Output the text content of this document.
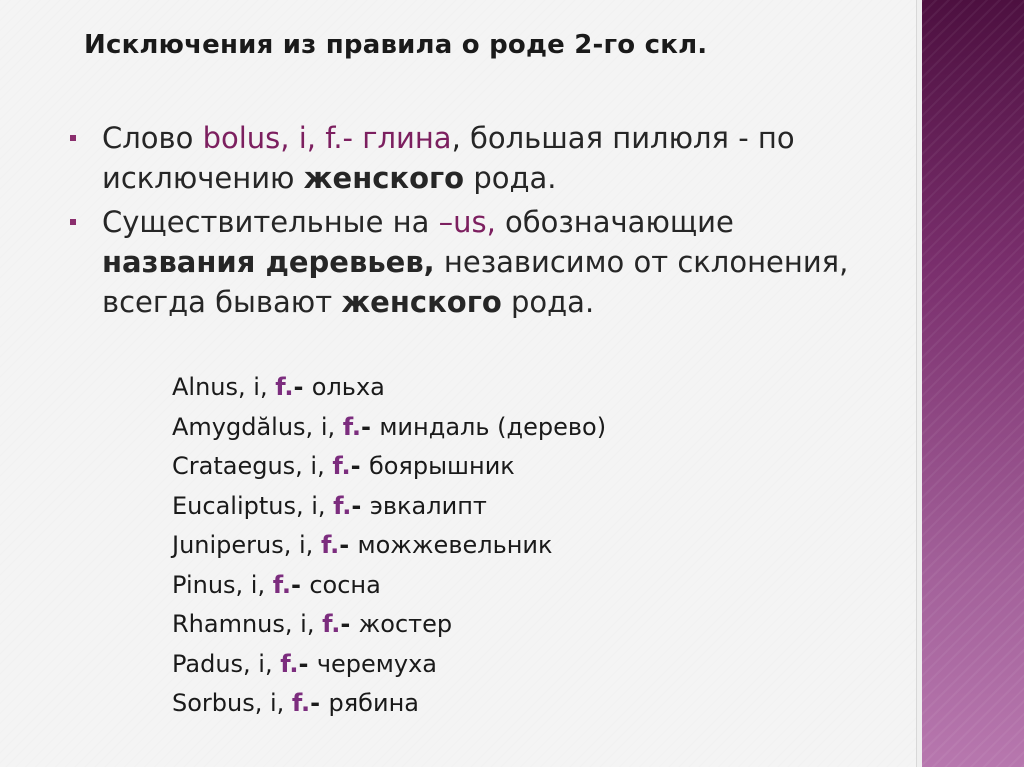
Исключения из правила о роде 2-го скл.
Слово bolus, i, f.- глина, большая пилюля - по исключению женского рода.
Существительные на –us, обозначающие названия деревьев, независимо от склонения, всегда бывают женского рода.
Alnus, i, f.- ольха
Amygdălus, i, f.- миндаль (дерево)
Crataegus, i, f.- боярышник
Eucaliptus, i, f.- эвкалипт
Juniperus, i, f.- можжевельник
Pinus, i, f.- сосна
Rhamnus, i, f.- жостер
Padus, i, f.- черемуха
Sorbus, i, f.- рябина
